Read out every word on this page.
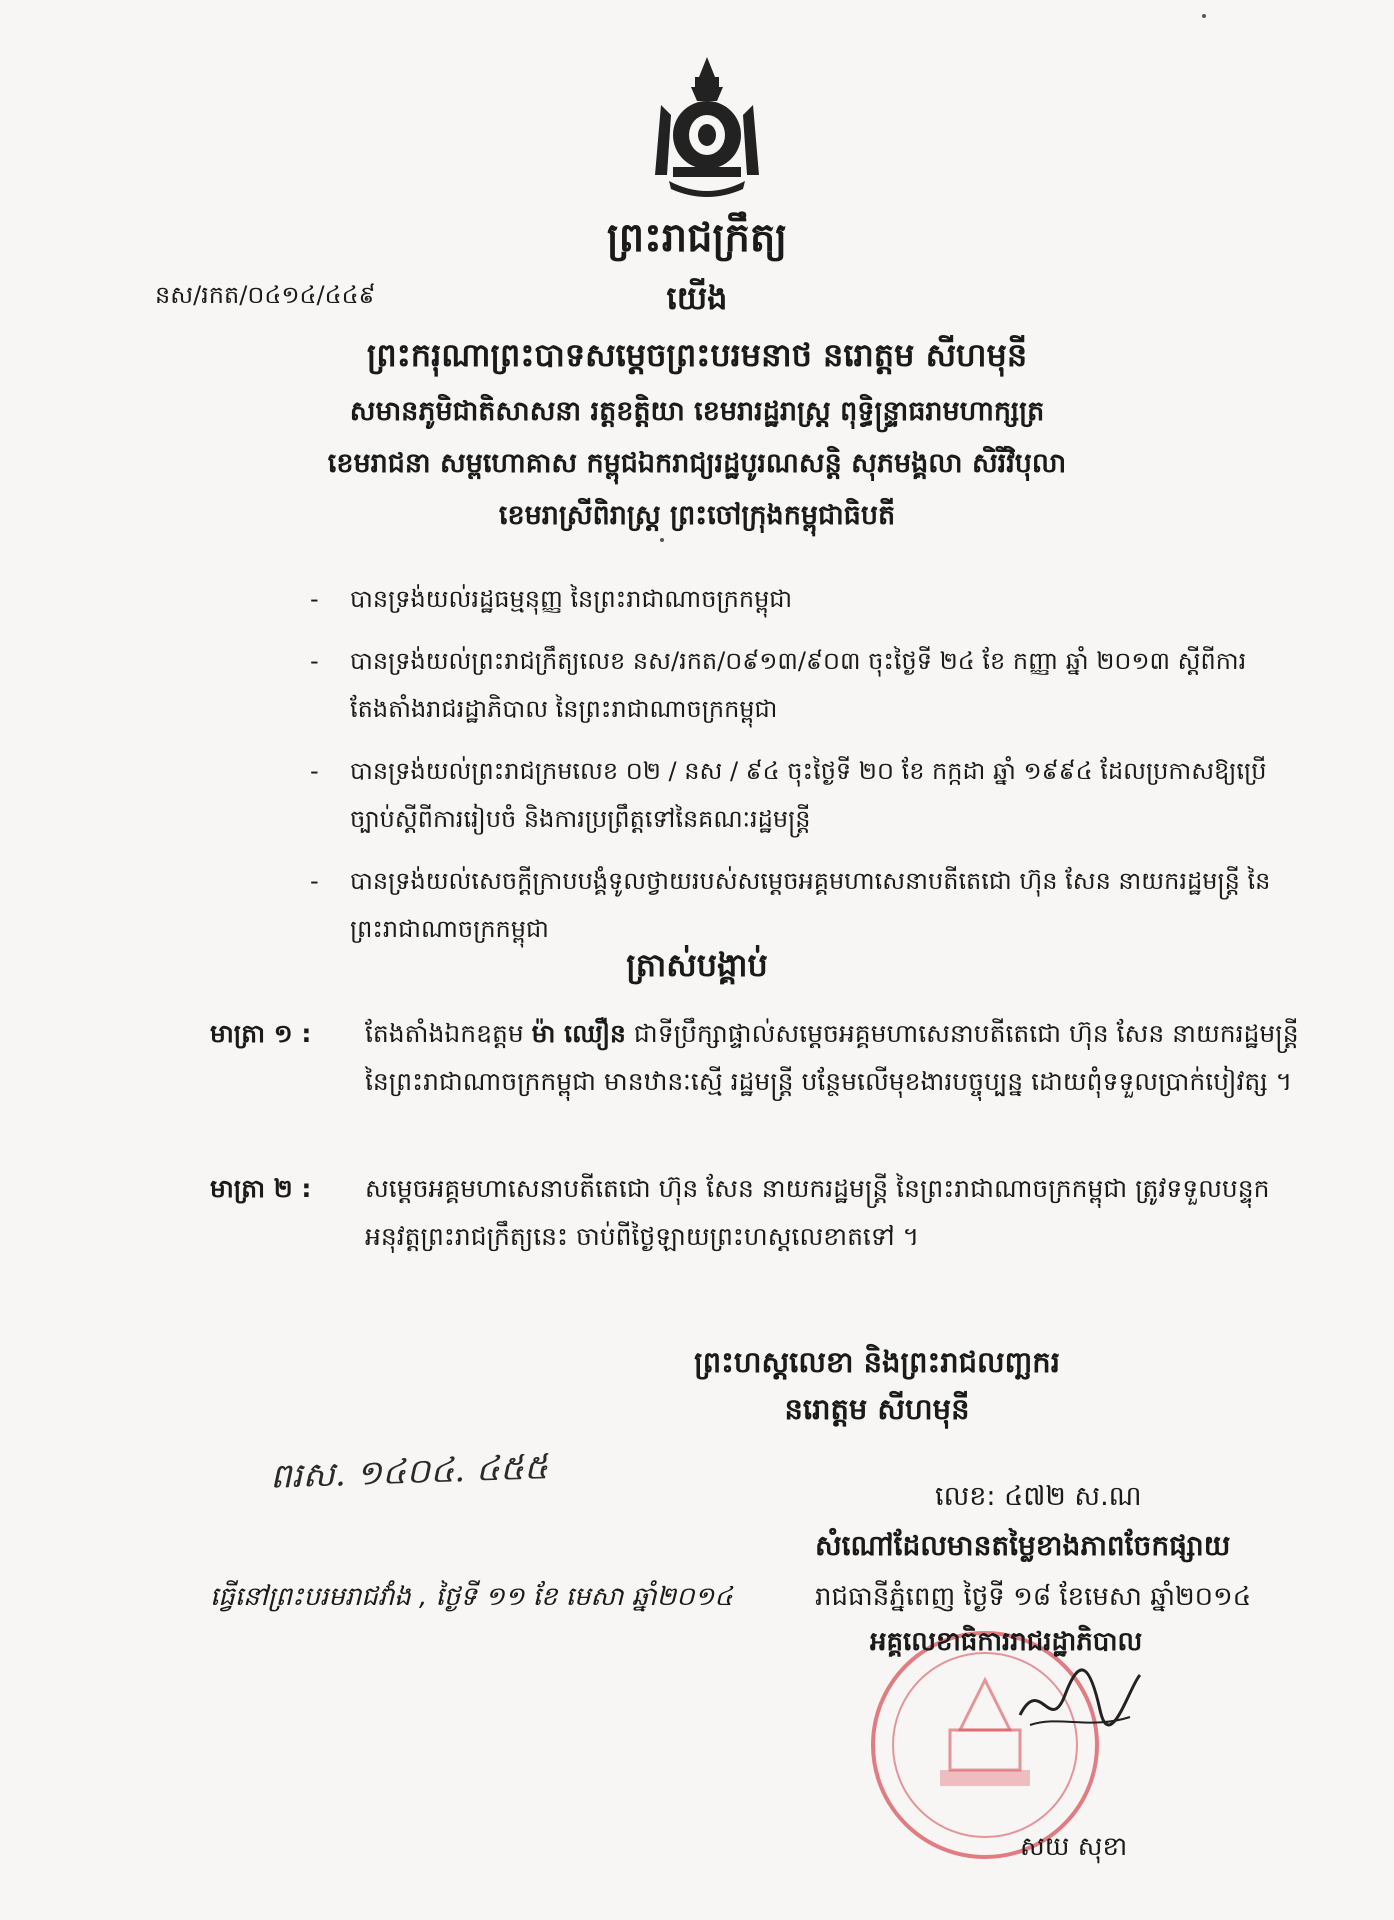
ព្រះរាជក្រឹត្យ
នស/រកត/០៤១៤/៤៤៩	យើង
ព្រះករុណាព្រះបាទសម្តេចព្រះបរមនាថ នរោត្តម សីហមុនី
សមានភូមិជាតិសាសនា រត្តខត្តិយា ខេមរារដ្ឋរាស្ត្រ ពុទ្ធិន្ទ្រាធរាមហាក្សត្រ
ខេមរាជនា សម្ពហោគាស កម្ពុជឯករាជ្យរដ្ឋបូរណសន្តិ សុភមង្គលា សិរីវិបុលា
ខេមរាស្រីពិរាស្ត្រ ព្រះចៅក្រុងកម្ពុជាធិបតី
- បានទ្រង់យល់រដ្ឋធម្មនុញ្ញ នៃព្រះរាជាណាចក្រកម្ពុជា
- បានទ្រង់យល់ព្រះរាជក្រឹត្យលេខ នស/រកត/០៩១៣/៩០៣ ចុះថ្ងៃទី ២៤ ខែ កញ្ញា ឆ្នាំ ២០១៣ ស្តីពីការតែងតាំងរាជរដ្ឋាភិបាល នៃព្រះរាជាណាចក្រកម្ពុជា
- បានទ្រង់យល់ព្រះរាជក្រមលេខ ០២ / នស / ៩៤ ចុះថ្ងៃទី ២០ ខែ កក្កដា ឆ្នាំ ១៩៩៤ ដែលប្រកាសឱ្យប្រើច្បាប់ស្តីពីការរៀបចំ និងការប្រព្រឹត្តទៅនៃគណៈរដ្ឋមន្ត្រី
- បានទ្រង់យល់សេចក្តីក្រាបបង្គំទូលថ្វាយរបស់សម្តេចអគ្គមហាសេនាបតីតេជោ ហ៊ុន សែន នាយករដ្ឋមន្ត្រី នៃព្រះរាជាណាចក្រកម្ពុជា
ត្រាស់បង្គាប់
មាត្រា ១ :	តែងតាំងឯកឧត្តម ម៉ា ឈឿន ជាទីប្រឹក្សាផ្ទាល់សម្តេចអគ្គមហាសេនាបតីតេជោ ហ៊ុន សែន នាយករដ្ឋមន្ត្រី នៃព្រះរាជាណាចក្រកម្ពុជា មានឋានៈស្មើ រដ្ឋមន្ត្រី បន្ថែមលើមុខងារបច្ចុប្បន្ន ដោយពុំទទួលប្រាក់បៀវត្ស ។
មាត្រា ២ :	សម្តេចអគ្គមហាសេនាបតីតេជោ ហ៊ុន សែន នាយករដ្ឋមន្ត្រី នៃព្រះរាជាណាចក្រកម្ពុជា ត្រូវទទួលបន្ទុកអនុវត្តព្រះរាជក្រឹត្យនេះ ចាប់ពីថ្ងៃឡាយព្រះហស្តលេខាតទៅ ។
ព្រះហស្តលេខា និងព្រះរាជលញ្ឆករ
នរោត្តម សីហមុនី
ពរស. ១៤០៤. ៤៥៥
ធ្វើនៅព្រះបរមរាជវាំង , ថ្ងៃទី ១១ ខែ មេសា ឆ្នាំ២០១៤
លេខ: ៤៧២ ស.ណ
សំណៅដែលមានតម្លៃខាងភាពចែកផ្សាយ
រាជធានីភ្នំពេញ ថ្ងៃទី ១៨ ខែមេសា ឆ្នាំ២០១៤
អគ្គលេខាធិការរាជរដ្ឋាភិបាល
សយ សុខា
